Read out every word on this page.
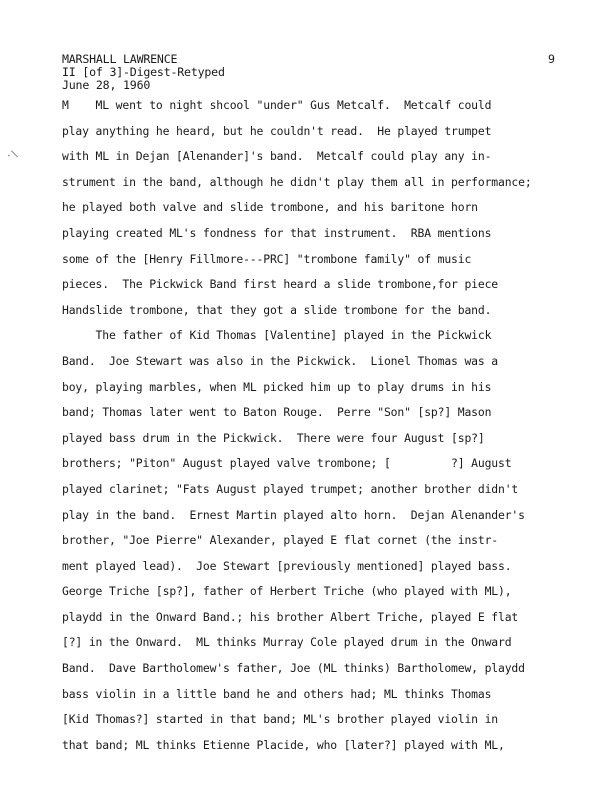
MARSHALL LAWRENCE
II [of 3]-Digest-Retyped
June 28, 1960
9
·\
M    ML went to night shcool "under" Gus Metcalf.  Metcalf could
play anything he heard, but he couldn't read.  He played trumpet
with ML in Dejan [Alenander]'s band.  Metcalf could play any in-
strument in the band, although he didn't play them all in performance;
he played both valve and slide trombone, and his baritone horn
playing created ML's fondness for that instrument.  RBA mentions
some of the [Henry Fillmore---PRC] "trombone family" of music
pieces.  The Pickwick Band first heard a slide trombone,for piece
Handslide trombone, that they got a slide trombone for the band.
The father of Kid Thomas [Valentine] played in the Pickwick
Band.  Joe Stewart was also in the Pickwick.  Lionel Thomas was a
boy, playing marbles, when ML picked him up to play drums in his
band; Thomas later went to Baton Rouge.  Perre "Son" [sp?] Mason
played bass drum in the Pickwick.  There were four August [sp?]
brothers; "Piton" August played valve trombone; [         ?] August
played clarinet; "Fats August played trumpet; another brother didn't
play in the band.  Ernest Martin played alto horn.  Dejan Alenander's
brother, "Joe Pierre" Alexander, played E flat cornet (the instr-
ment played lead).  Joe Stewart [previously mentioned] played bass.
George Triche [sp?], father of Herbert Triche (who played with ML),
playdd in the Onward Band.; his brother Albert Triche, played E flat
[?] in the Onward.  ML thinks Murray Cole played drum in the Onward
Band.  Dave Bartholomew's father, Joe (ML thinks) Bartholomew, playdd
bass violin in a little band he and others had; ML thinks Thomas
[Kid Thomas?] started in that band; ML's brother played violin in
that band; ML thinks Etienne Placide, who [later?] played with ML,
